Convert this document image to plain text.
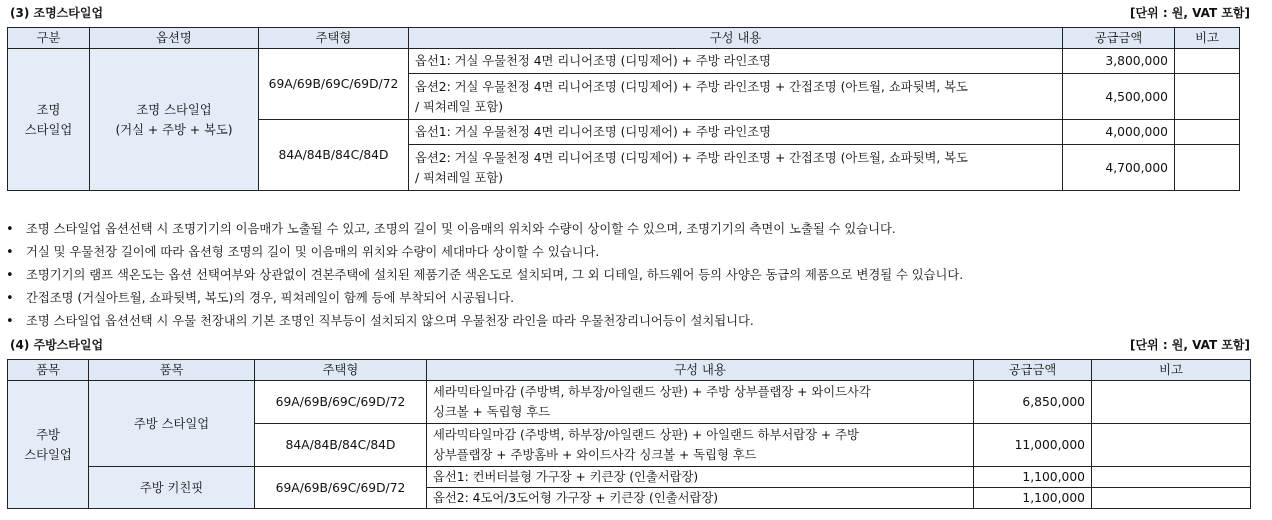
(3) 조명스타일업	[단위 : 원, VAT 포함]
구분	옵션명	주택형	구성 내용	공급금액	비고
조명
스타일업	조명 스타일업
(거실 + 주방 + 복도)	69A/69B/69C/69D/72	옵선1: 거실 우물천정 4면 리니어조명 (디밍제어) + 주방 라인조명	3,800,000	
			옵션2: 거실 우물천정 4면 리니어조명 (디밍제어) + 주방 라인조명 + 간접조명 (아트월, 쇼파뒷벽, 복도
/ 픽쳐레일 포함)	4,500,000	
		84A/84B/84C/84D	옵선1: 거실 우물천정 4면 리니어조명 (디밍제어) + 주방 라인조명	4,000,000	
			옵션2: 거실 우물천정 4면 리니어조명 (디밍제어) + 주방 라인조명 + 간접조명 (아트월, 쇼파뒷벽, 복도
/ 픽쳐레일 포함)	4,700,000	
• 조명 스타일업 옵션선택 시 조명기기의 이음매가 노출될 수 있고, 조명의 길이 및 이음매의 위치와 수량이 상이할 수 있으며, 조명기기의 측면이 노출될 수 있습니다.
• 거실 및 우물천장 길이에 따라 옵션형 조명의 길이 및 이음매의 위치와 수량이 세대마다 상이할 수 있습니다.
• 조명기기의 램프 색온도는 옵션 선택여부와 상관없이 견본주택에 설치된 제품기준 색온도로 설치되며, 그 외 디테일, 하드웨어 등의 사양은 동급의 제품으로 변경될 수 있습니다.
• 간접조명 (거실아트월, 쇼파뒷벽, 복도)의 경우, 픽쳐레일이 함께 등에 부착되어 시공됩니다.
• 조명 스타일업 옵션선택 시 우물 천장내의 기본 조명인 직부등이 설치되지 않으며 우물천장 라인을 따라 우물천장리니어등이 설치됩니다.
(4) 주방스타일업	[단위 : 원, VAT 포함]
품목	품목	주택형	구성 내용	공급금액	비고
주방
스타일업	주방 스타일업	69A/69B/69C/69D/72	세라믹타일마감 (주방벽, 하부장/아일랜드 상판) + 주방 상부플랩장 + 와이드사각
싱크볼 + 독립형 후드	6,850,000	
		84A/84B/84C/84D	세라믹타일마감 (주방벽, 하부장/아일랜드 상판) + 아일랜드 하부서랍장 + 주방
상부플랩장 + 주방홈바 + 와이드사각 싱크볼 + 독립형 후드	11,000,000	
	주방 키친핏	69A/69B/69C/69D/72	옵선1: 컨버터블형 가구장 + 키큰장 (인출서랍장)	1,100,000	
			옵선2: 4도어/3도어형 가구장 + 키큰장 (인출서랍장)	1,100,000	
